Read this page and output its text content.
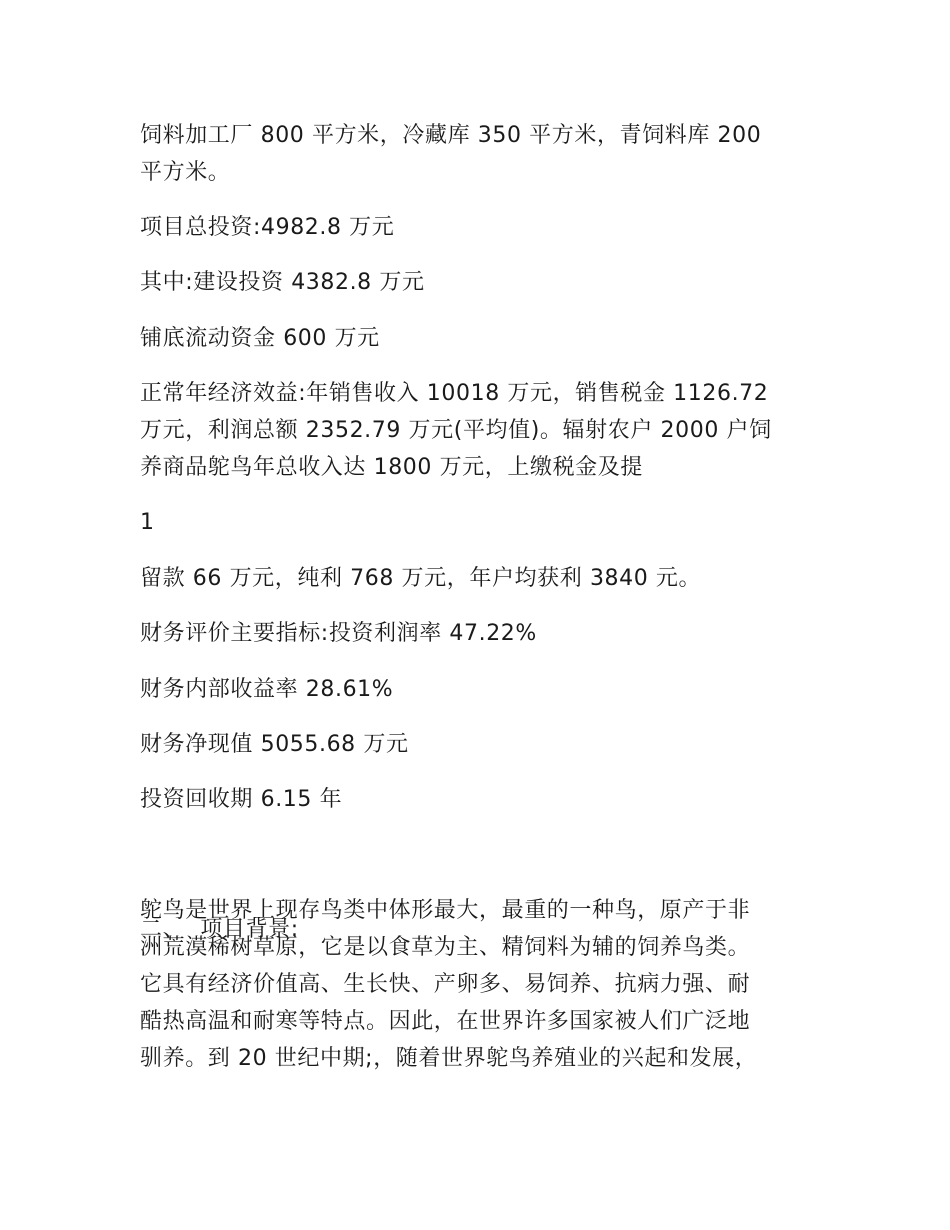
饲料加工厂 800 平方米，冷藏库 350 平方米，青饲料库 200
平方米。

项目总投资:4982.8 万元

其中:建设投资 4382.8 万元

铺底流动资金 600 万元

正常年经济效益:年销售收入 10018 万元，销售税金 1126.72
万元，利润总额 2352.79 万元(平均值)。辐射农户 2000 户饲
养商品鸵鸟年总收入达 1800 万元，上缴税金及提

1

留款 66 万元，纯利 768 万元，年户均获利 3840 元。

财务评价主要指标:投资利润率 47.22%

财务内部收益率 28.61%

财务净现值 5055.68 万元

投资回收期 6.15 年

二、  项目背景:

鸵鸟是世界上现存鸟类中体形最大，最重的一种鸟，原产于非
洲荒漠稀树草原，它是以食草为主、精饲料为辅的饲养鸟类。
它具有经济价值高、生长快、产卵多、易饲养、抗病力强、耐
酷热高温和耐寒等特点。因此，在世界许多国家被人们广泛地
驯养。到 20 世纪中期;，随着世界鸵鸟养殖业的兴起和发展，
